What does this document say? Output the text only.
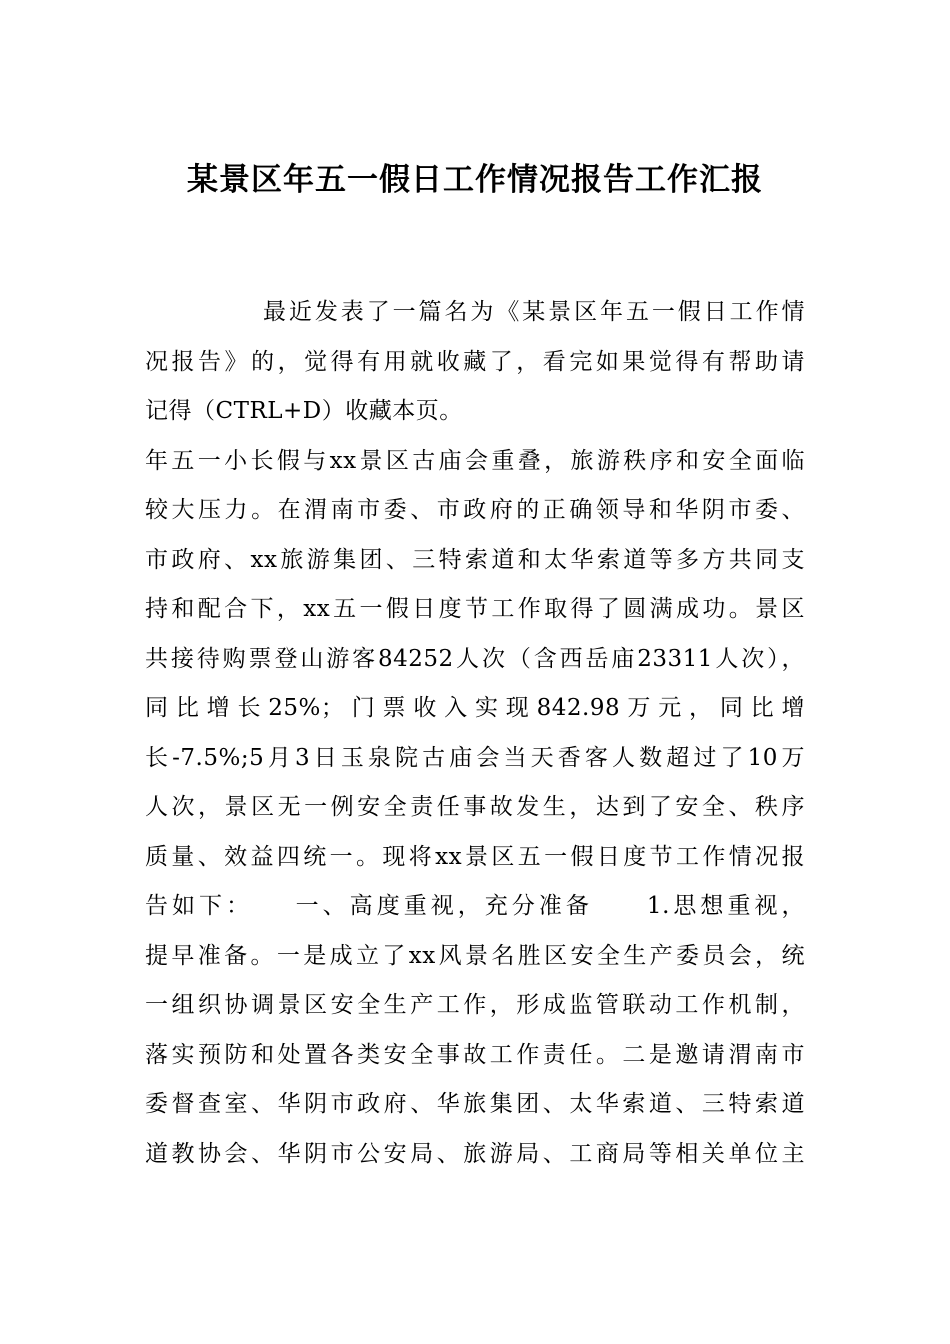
某景区年五一假日工作情况报告工作汇报
最近发表了一篇名为《某景区年五一假日工作情
况报告》的，觉得有用就收藏了，看完如果觉得有帮助请
记得（CTRL+D）收藏本页。
年五一小长假与xx景区古庙会重叠，旅游秩序和安全面临
较大压力。在渭南市委、市政府的正确领导和华阴市委、
市政府、xx旅游集团、三特索道和太华索道等多方共同支
持和配合下，xx五一假日度节工作取得了圆满成功。景区
共接待购票登山游客84252人次（含西岳庙23311人次），
同比增长25%；门票收入实现842.98万元，同比增
长-7.5%;5月3日玉泉院古庙会当天香客人数超过了10万
人次，景区无一例安全责任事故发生，达到了安全、秩序
质量、效益四统一。现将xx景区五一假日度节工作情况报
告如下：　　一、高度重视，充分准备　　1.思想重视，
提早准备。一是成立了xx风景名胜区安全生产委员会，统
一组织协调景区安全生产工作，形成监管联动工作机制，
落实预防和处置各类安全事故工作责任。二是邀请渭南市
委督查室、华阴市政府、华旅集团、太华索道、三特索道
道教协会、华阴市公安局、旅游局、工商局等相关单位主
